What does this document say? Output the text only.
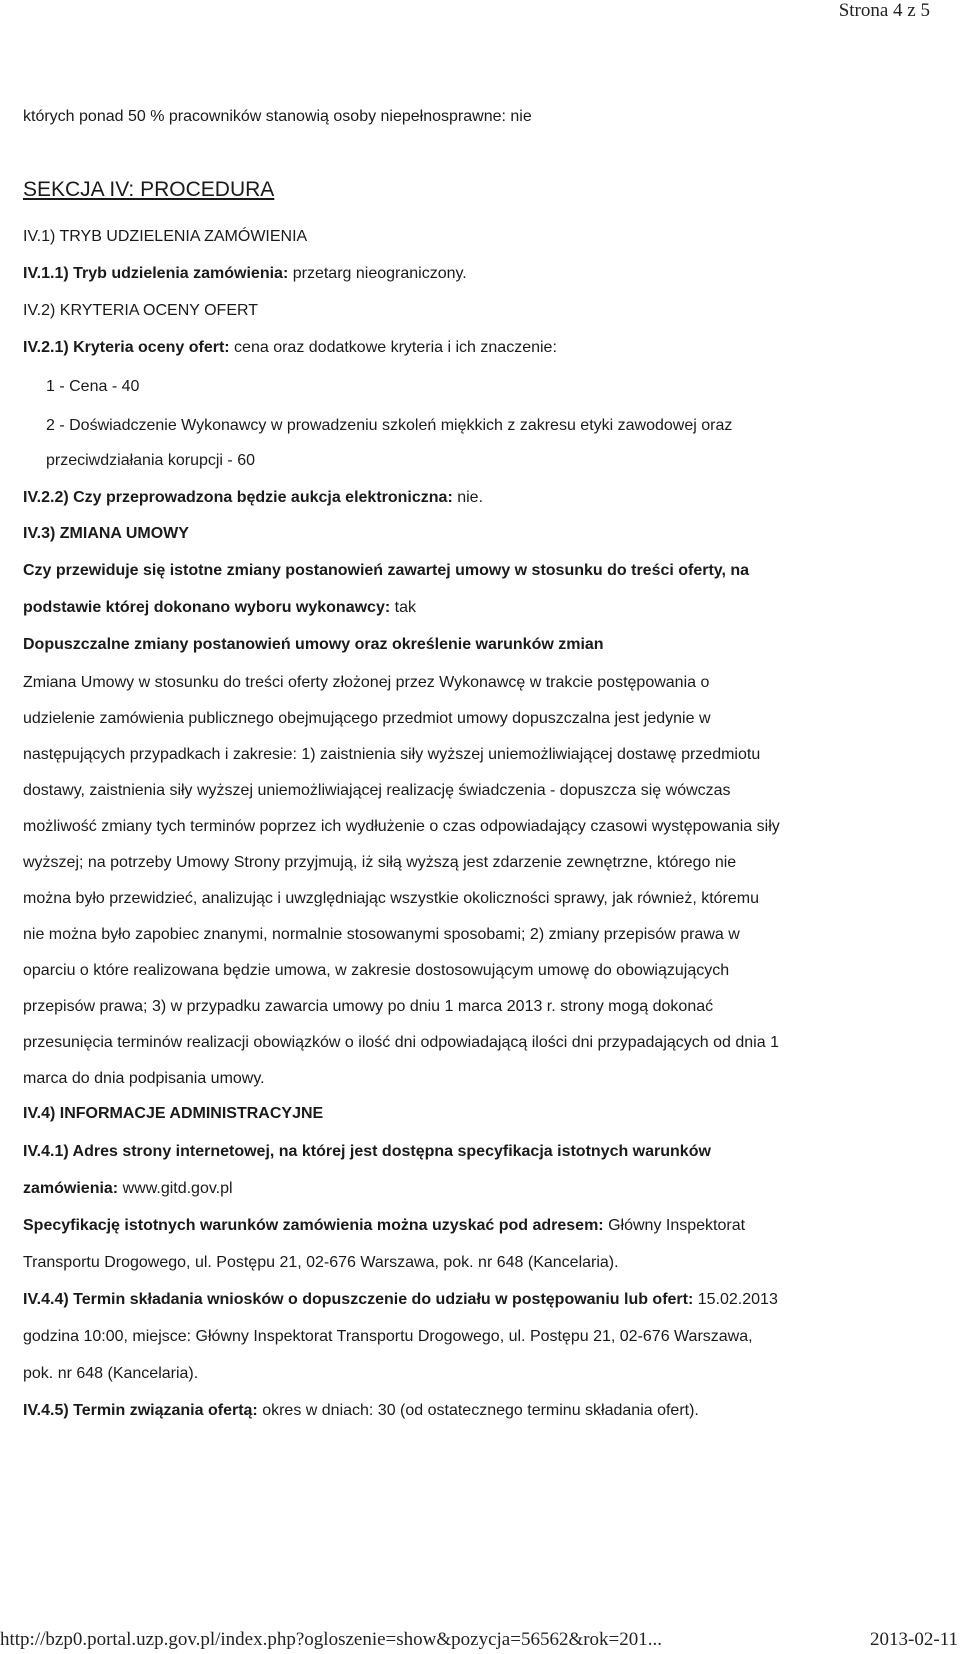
Strona 4 z 5

których ponad 50 % pracowników stanowią osoby niepełnosprawne: nie

SEKCJA IV: PROCEDURA

IV.1) TRYB UDZIELENIA ZAMÓWIENIA

IV.1.1) Tryb udzielenia zamówienia: przetarg nieograniczony.

IV.2) KRYTERIA OCENY OFERT

IV.2.1) Kryteria oceny ofert: cena oraz dodatkowe kryteria i ich znaczenie:

1 - Cena - 40

2 - Doświadczenie Wykonawcy w prowadzeniu szkoleń miękkich z zakresu etyki zawodowej oraz

przeciwdziałania korupcji - 60

IV.2.2) Czy przeprowadzona będzie aukcja elektroniczna: nie.

IV.3) ZMIANA UMOWY

Czy przewiduje się istotne zmiany postanowień zawartej umowy w stosunku do treści oferty, na

podstawie której dokonano wyboru wykonawcy: tak

Dopuszczalne zmiany postanowień umowy oraz określenie warunków zmian

Zmiana Umowy w stosunku do treści oferty złożonej przez Wykonawcę w trakcie postępowania o

udzielenie zamówienia publicznego obejmującego przedmiot umowy dopuszczalna jest jedynie w

następujących przypadkach i zakresie: 1) zaistnienia siły wyższej uniemożliwiającej dostawę przedmiotu

dostawy, zaistnienia siły wyższej uniemożliwiającej realizację świadczenia - dopuszcza się wówczas

możliwość zmiany tych terminów poprzez ich wydłużenie o czas odpowiadający czasowi występowania siły

wyższej; na potrzeby Umowy Strony przyjmują, iż siłą wyższą jest zdarzenie zewnętrzne, którego nie

można było przewidzieć, analizując i uwzględniając wszystkie okoliczności sprawy, jak również, któremu

nie można było zapobiec znanymi, normalnie stosowanymi sposobami; 2) zmiany przepisów prawa w

oparciu o które realizowana będzie umowa, w zakresie dostosowującym umowę do obowiązujących

przepisów prawa; 3) w przypadku zawarcia umowy po dniu 1 marca 2013 r. strony mogą dokonać

przesunięcia terminów realizacji obowiązków o ilość dni odpowiadającą ilości dni przypadających od dnia 1

marca do dnia podpisania umowy.

IV.4) INFORMACJE ADMINISTRACYJNE

IV.4.1) Adres strony internetowej, na której jest dostępna specyfikacja istotnych warunków

zamówienia: www.gitd.gov.pl

Specyfikację istotnych warunków zamówienia można uzyskać pod adresem: Główny Inspektorat

Transportu Drogowego, ul. Postępu 21, 02-676 Warszawa, pok. nr 648 (Kancelaria).

IV.4.4) Termin składania wniosków o dopuszczenie do udziału w postępowaniu lub ofert: 15.02.2013

godzina 10:00, miejsce: Główny Inspektorat Transportu Drogowego, ul. Postępu 21, 02-676 Warszawa,

pok. nr 648 (Kancelaria).

IV.4.5) Termin związania ofertą: okres w dniach: 30 (od ostatecznego terminu składania ofert).

http://bzp0.portal.uzp.gov.pl/index.php?ogloszenie=show&pozycja=56562&rok=201...	2013-02-11
